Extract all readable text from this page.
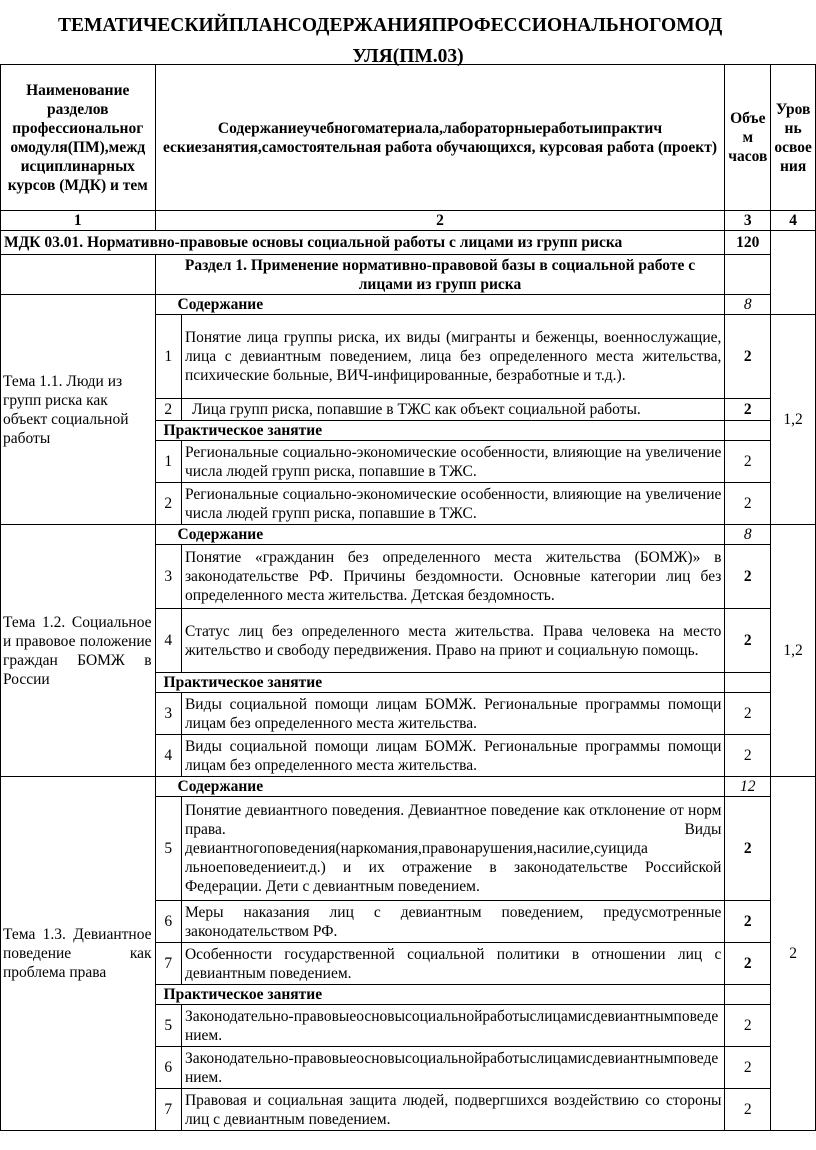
ТЕМАТИЧЕСКИЙПЛАНСОДЕРЖАНИЯПРОФЕССИОНАЛЬНОГОМОД
УЛЯ(ПМ.03)
Наименование разделов профессиональног омодуля(ПМ),межд исциплинарных курсов (МДК) и тем	Содержаниеучебногоматериала,лабораторныеработыипрактич ескиезанятия,самостоятельная работа обучающихся, курсовая работа (проект)		Объе м часов	Уров нь освое ния
1	2		3	4
МДК 03.01. Нормативно-правовые основы социальной работы с лицами из групп риска			120	
	Раздел 1. Применение нормативно-правовой базы в социальной работе с лицами из групп риска			
Тема 1.1. Люди из групп риска как объект социальной работы	Содержание		8	
	1	Понятие лица группы риска, их виды (мигранты и беженцы, военнослужащие, лица с девиантным поведением, лица без определенного места жительства, психические больные, ВИЧ-инфицированные, безработные и т.д.).	2	1,2
	2	Лица групп риска, попавшие в ТЖС как объект социальной работы.	2	
	Практическое занятие			
	1	Региональные социально-экономические особенности, влияющие на увеличение числа людей групп риска, попавшие в ТЖС.	2	
	2	Региональные социально-экономические особенности, влияющие на увеличение числа людей групп риска, попавшие в ТЖС.	2	
Тема 1.2. Социальное и правовое положение граждан БОМЖ в России	Содержание		8	1,2
	3	Понятие «гражданин без определенного места жительства (БОМЖ)» в законодательстве РФ. Причины бездомности. Основные категории лиц без определенного места жительства. Детская бездомность.	2	
	4	Статус лиц без определенного места жительства. Права человека на место жительство и свободу передвижения. Право на приют и социальную помощь.	2	
	Практическое занятие			
	3	Виды социальной помощи лицам БОМЖ. Региональные программы помощи лицам без определенного места жительства.	2	
	4	Виды социальной помощи лицам БОМЖ. Региональные программы помощи лицам без определенного места жительства.	2	
Тема 1.3. Девиантное поведение как проблема права	Содержание		12	2
	5	Понятие девиантного поведения. Девиантное поведение как отклонение от норм права. Виды девиантногоповедения(наркомания,правонарушения,насилие,суицида льноеповедениеит.д.) и их отражение в законодательстве Российской Федерации. Дети с девиантным поведением.	2	
	6	Меры наказания лиц с девиантным поведением, предусмотренные законодательством РФ.	2	
	7	Особенности государственной социальной политики в отношении лиц с девиантным поведением.	2	
	Практическое занятие			
	5	Законодательно-правовыеосновысоциальнойработыслицамисдевиантнымповедением.	2	
	6	Законодательно-правовыеосновысоциальнойработыслицамисдевиантнымповедением.	2	
	7	Правовая и социальная защита людей, подвергшихся воздействию со стороны лиц с девиантным поведением.	2	
